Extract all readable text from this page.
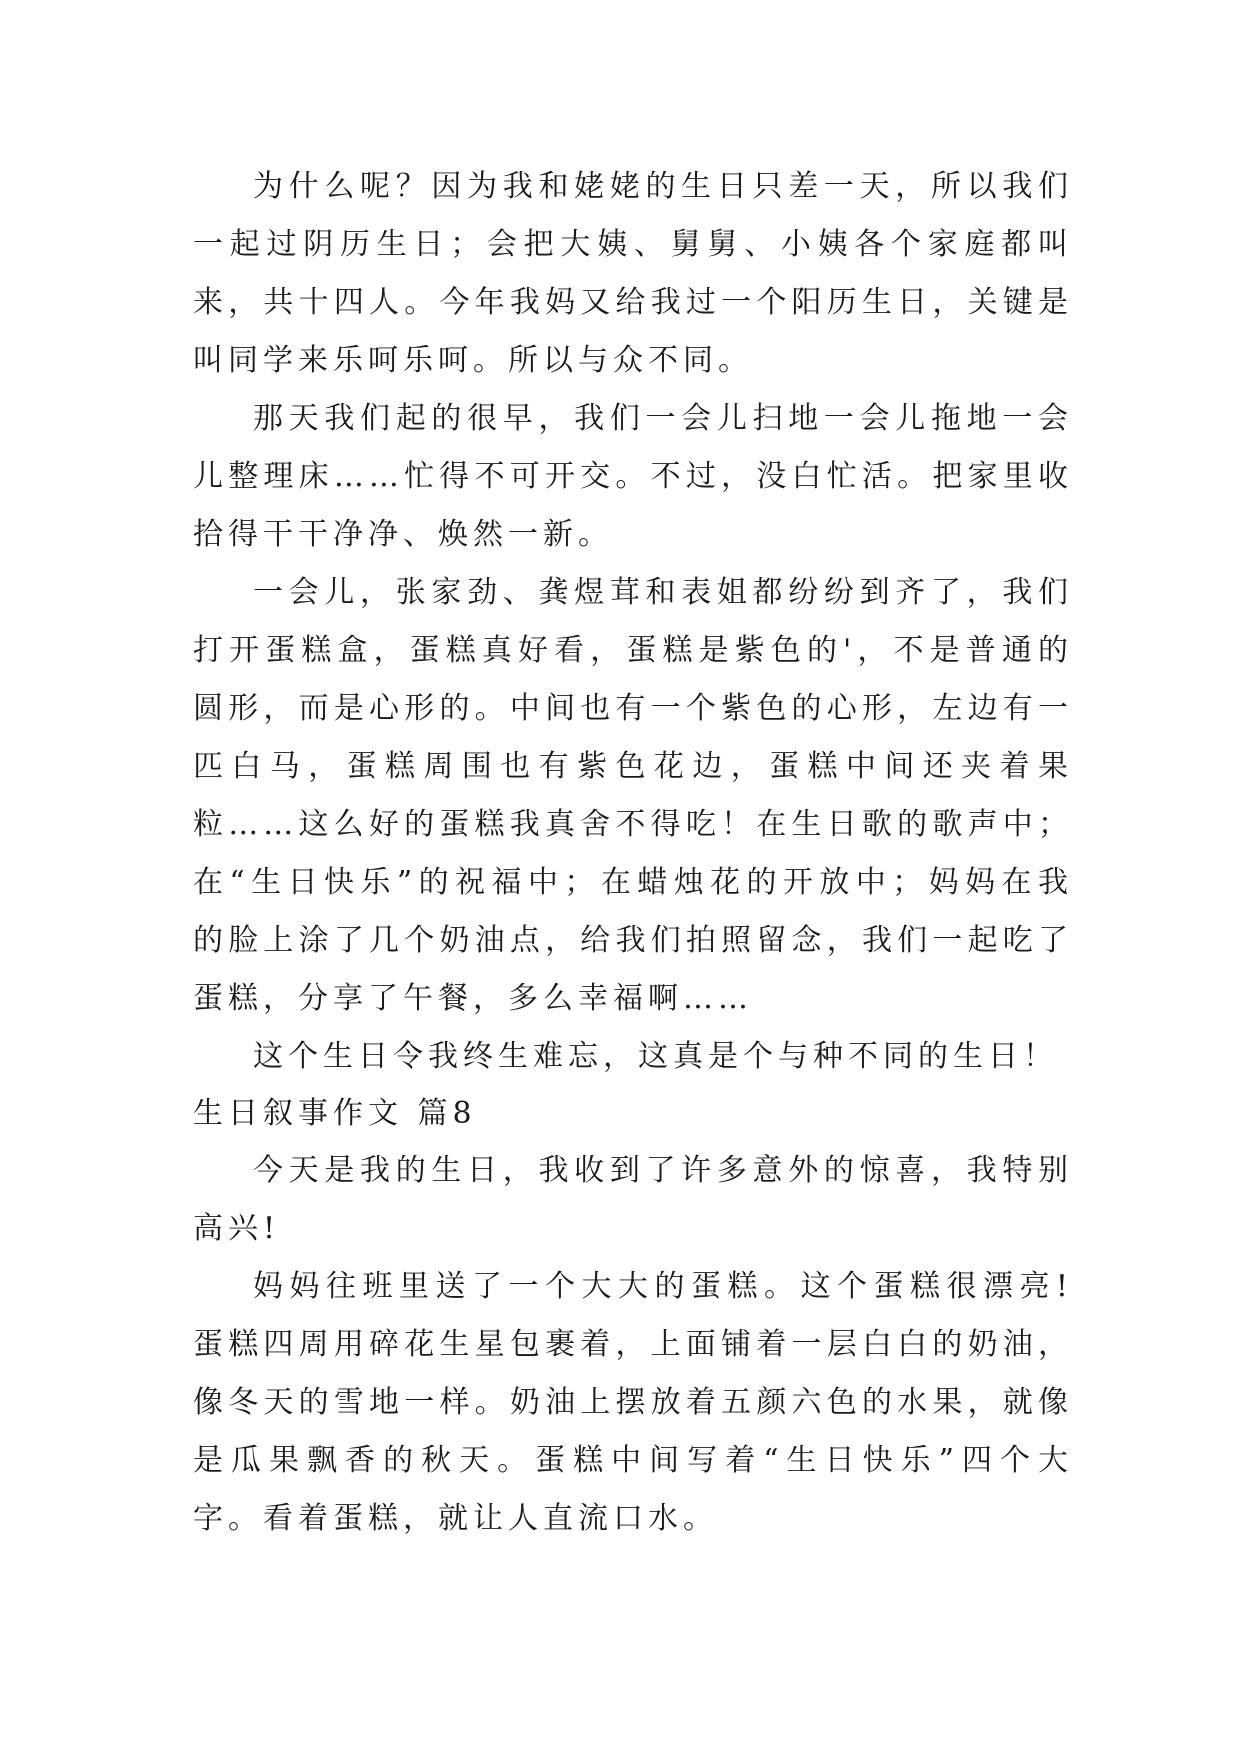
为什么呢？因为我和姥姥的生日只差一天，所以我们一起过阴历生日；会把大姨、舅舅、小姨各个家庭都叫来，共十四人。今年我妈又给我过一个阳历生日，关键是叫同学来乐呵乐呵。所以与众不同。

那天我们起的很早，我们一会儿扫地一会儿拖地一会儿整理床……忙得不可开交。不过，没白忙活。把家里收拾得干干净净、焕然一新。

一会儿，张家劲、龚煜茸和表姐都纷纷到齐了，我们打开蛋糕盒，蛋糕真好看，蛋糕是紫色的'，不是普通的圆形，而是心形的。中间也有一个紫色的心形，左边有一匹白马，蛋糕周围也有紫色花边，蛋糕中间还夹着果粒……这么好的蛋糕我真舍不得吃！在生日歌的歌声中；在“生日快乐”的祝福中；在蜡烛花的开放中；妈妈在我的脸上涂了几个奶油点，给我们拍照留念，我们一起吃了蛋糕，分享了午餐，多么幸福啊……

这个生日令我终生难忘，这真是个与种不同的生日！

生日叙事作文 篇8

今天是我的生日，我收到了许多意外的惊喜，我特别高兴!

妈妈往班里送了一个大大的蛋糕。这个蛋糕很漂亮!蛋糕四周用碎花生星包裹着，上面铺着一层白白的奶油，像冬天的雪地一样。奶油上摆放着五颜六色的水果，就像是瓜果飘香的秋天。蛋糕中间写着“生日快乐”四个大字。看着蛋糕，就让人直流口水。
